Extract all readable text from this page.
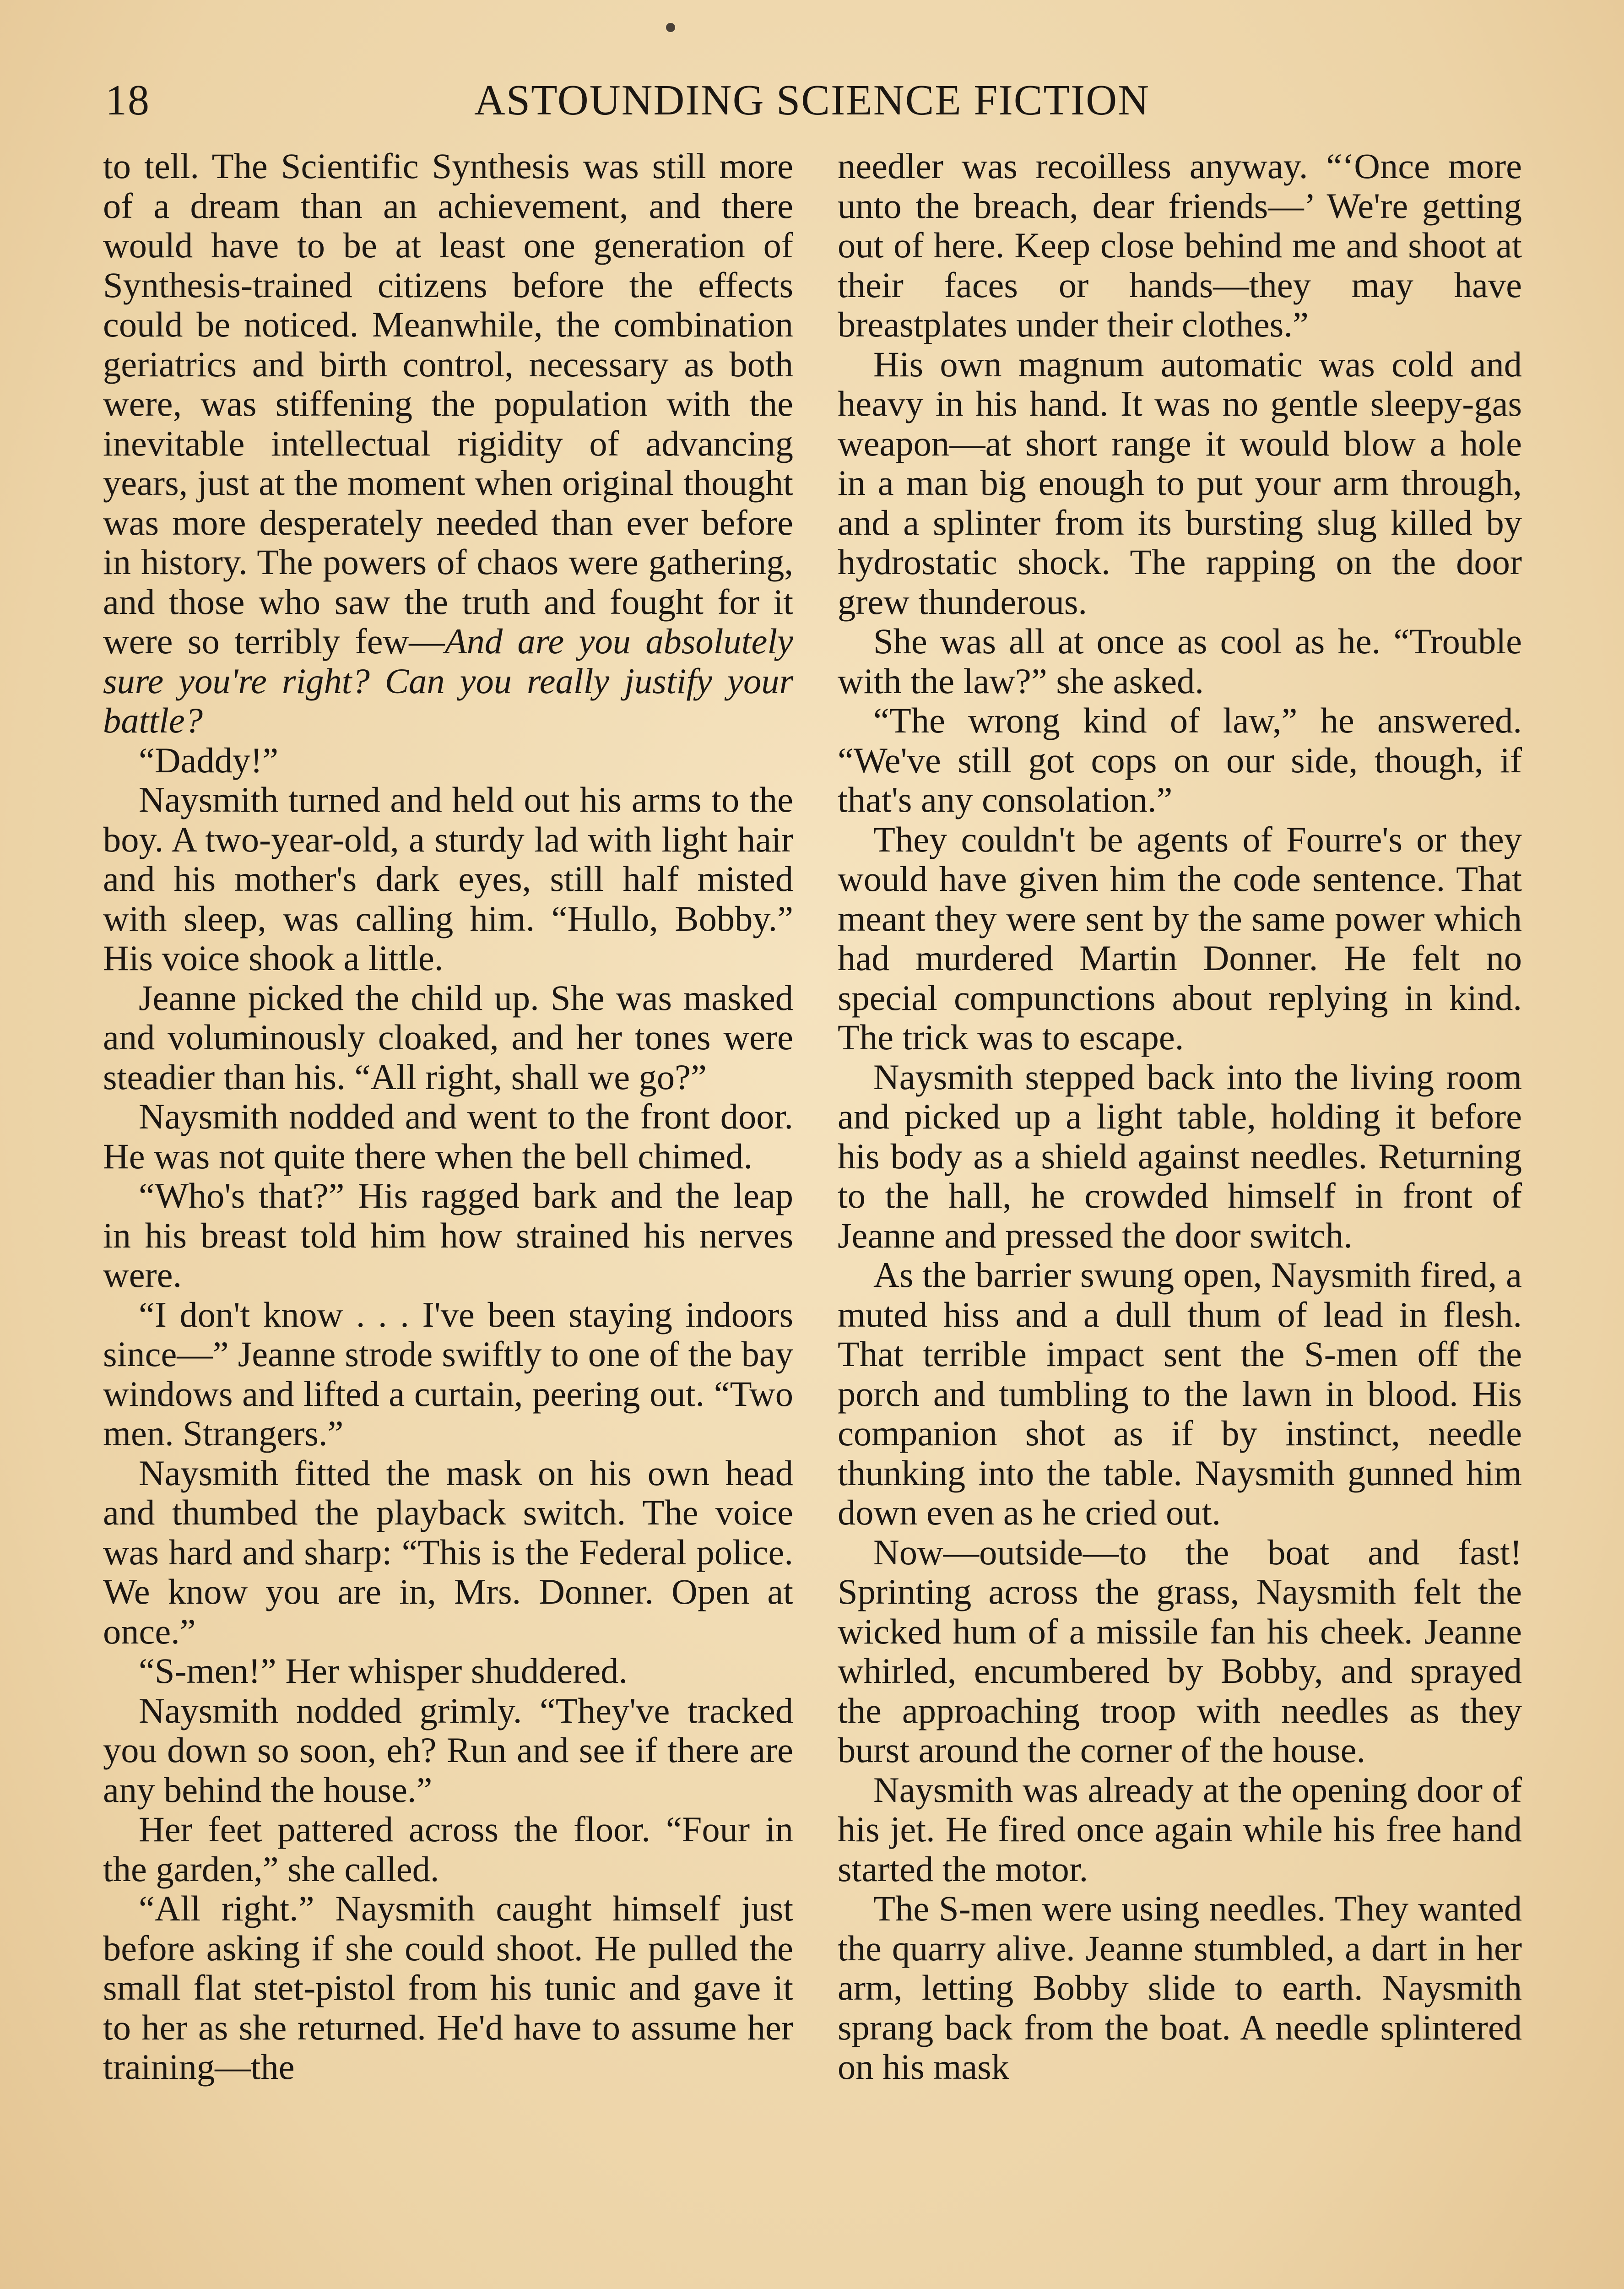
18	ASTOUNDING SCIENCE FICTION

to tell. The Scientific Synthesis was still more of a dream than an achievement, and there would have to be at least one generation of Synthesis-trained citizens before the effects could be noticed. Meanwhile, the combination geriatrics and birth control, necessary as both were, was stiffening the population with the inevitable intellectual rigidity of advancing years, just at the moment when original thought was more desperately needed than ever before in history. The powers of chaos were gathering, and those who saw the truth and fought for it were so terribly few—And are you absolutely sure you're right? Can you really justify your battle?

“Daddy!”

Naysmith turned and held out his arms to the boy. A two-year-old, a sturdy lad with light hair and his mother's dark eyes, still half misted with sleep, was calling him. “Hullo, Bobby.” His voice shook a little.

Jeanne picked the child up. She was masked and voluminously cloaked, and her tones were steadier than his. “All right, shall we go?”

Naysmith nodded and went to the front door. He was not quite there when the bell chimed.

“Who's that?” His ragged bark and the leap in his breast told him how strained his nerves were.

“I don't know . . . I've been staying indoors since—” Jeanne strode swiftly to one of the bay windows and lifted a curtain, peering out. “Two men. Strangers.”

Naysmith fitted the mask on his own head and thumbed the playback switch. The voice was hard and sharp: “This is the Federal police. We know you are in, Mrs. Donner. Open at once.”

“S-men!” Her whisper shuddered.

Naysmith nodded grimly. “They've tracked you down so soon, eh? Run and see if there are any behind the house.”

Her feet pattered across the floor. “Four in the garden,” she called.

“All right.” Naysmith caught himself just before asking if she could shoot. He pulled the small flat stet-pistol from his tunic and gave it to her as she returned. He'd have to assume her training—the

needler was recoilless anyway. “‘Once more unto the breach, dear friends—’ We're getting out of here. Keep close behind me and shoot at their faces or hands—they may have breastplates under their clothes.”

His own magnum automatic was cold and heavy in his hand. It was no gentle sleepy-gas weapon—at short range it would blow a hole in a man big enough to put your arm through, and a splinter from its bursting slug killed by hydrostatic shock. The rapping on the door grew thunderous.

She was all at once as cool as he. “Trouble with the law?” she asked.

“The wrong kind of law,” he answered. “We've still got cops on our side, though, if that's any consolation.”

They couldn't be agents of Fourre's or they would have given him the code sentence. That meant they were sent by the same power which had murdered Martin Donner. He felt no special compunctions about replying in kind. The trick was to escape.

Naysmith stepped back into the living room and picked up a light table, holding it before his body as a shield against needles. Returning to the hall, he crowded himself in front of Jeanne and pressed the door switch.

As the barrier swung open, Naysmith fired, a muted hiss and a dull thum of lead in flesh. That terrible impact sent the S-men off the porch and tumbling to the lawn in blood. His companion shot as if by instinct, needle thunking into the table. Naysmith gunned him down even as he cried out.

Now—outside—to the boat and fast! Sprinting across the grass, Naysmith felt the wicked hum of a missile fan his cheek. Jeanne whirled, encumbered by Bobby, and sprayed the approaching troop with needles as they burst around the corner of the house.

Naysmith was already at the opening door of his jet. He fired once again while his free hand started the motor.

The S-men were using needles. They wanted the quarry alive. Jeanne stumbled, a dart in her arm, letting Bobby slide to earth. Naysmith sprang back from the boat. A needle splintered on his mask
